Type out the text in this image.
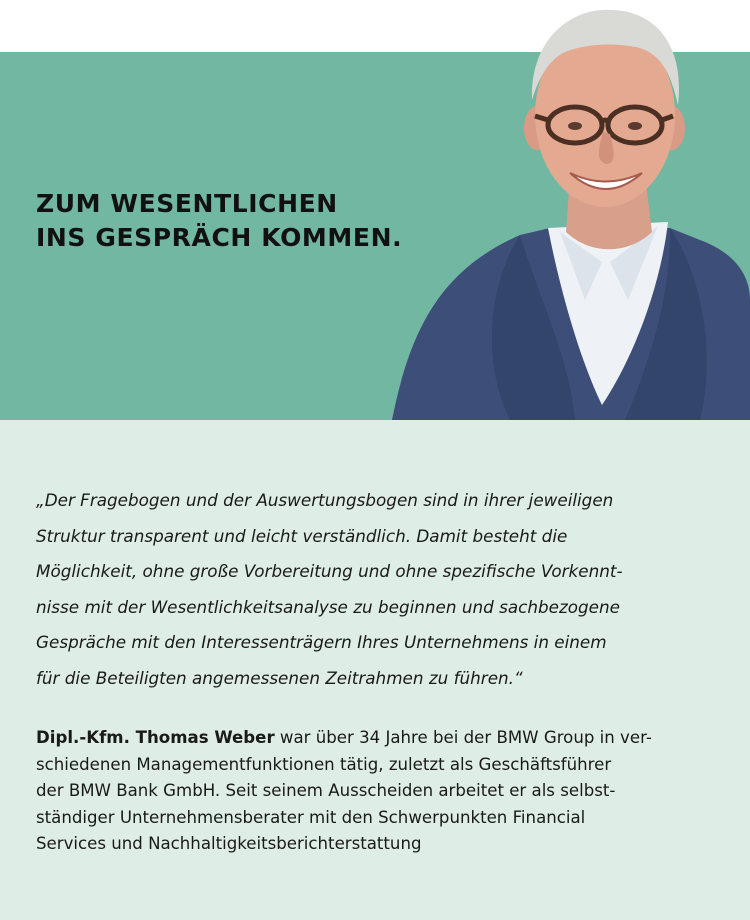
ZUM WESENTLICHEN
INS GESPRÄCH KOMMEN.
„Der Fragebogen und der Auswertungsbogen sind in ihrer jeweiligen
Struktur transparent und leicht verständlich. Damit besteht die
Möglichkeit, ohne große Vorbereitung und ohne spezifische Vorkennt-
nisse mit der Wesentlichkeitsanalyse zu beginnen und sachbezogene
Gespräche mit den Interessenträgern Ihres Unternehmens in einem
für die Beteiligten angemessenen Zeitrahmen zu führen.“

Dipl.-Kfm. Thomas Weber war über 34 Jahre bei der BMW Group in ver-
schiedenen Managementfunktionen tätig, zuletzt als Geschäftsführer
der BMW Bank GmbH. Seit seinem Ausscheiden arbeitet er als selbst-
ständiger Unternehmensberater mit den Schwerpunkten Financial
Services und Nachhaltigkeitsberichterstattung
